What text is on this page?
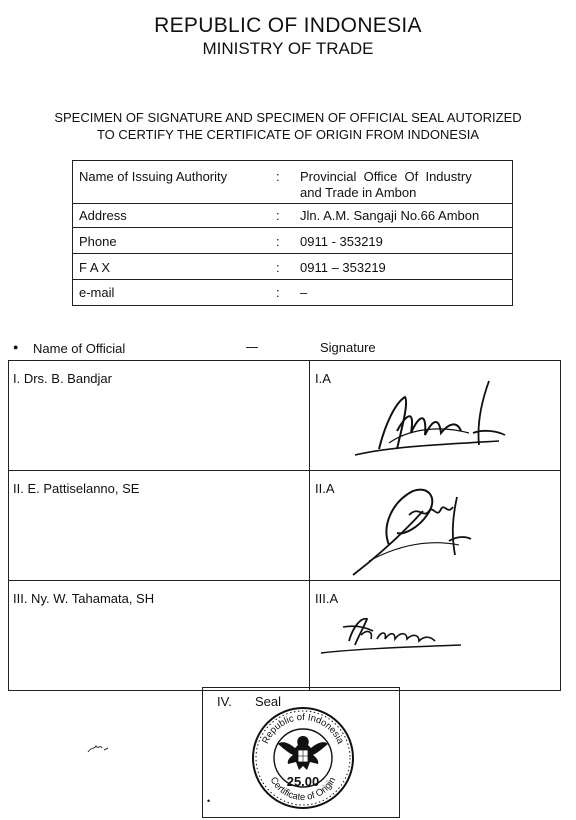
REPUBLIC OF INDONESIA
MINISTRY OF TRADE
SPECIMEN OF SIGNATURE AND SPECIMEN OF OFFICIAL SEAL AUTORIZED
TO CERTIFY THE CERTIFICATE OF ORIGIN FROM INDONESIA
Name of Issuing Authority	: Provincial  Office  Of  Industry
and Trade in Ambon
Address	: Jln. A.M. Sangaji No.66 Ambon
Phone	: 0911 - 353219
F A X	: 0911 – 353219
e-mail	: –
● Name of Official	Signature
I. Drs. B. Bandjar	I.A
II. E. Pattiselanno, SE	II.A
III. Ny. W. Tahamata, SH	III.A
IV. Seal
•
Republic of Indonesia
Certificate of Origin
25.00
